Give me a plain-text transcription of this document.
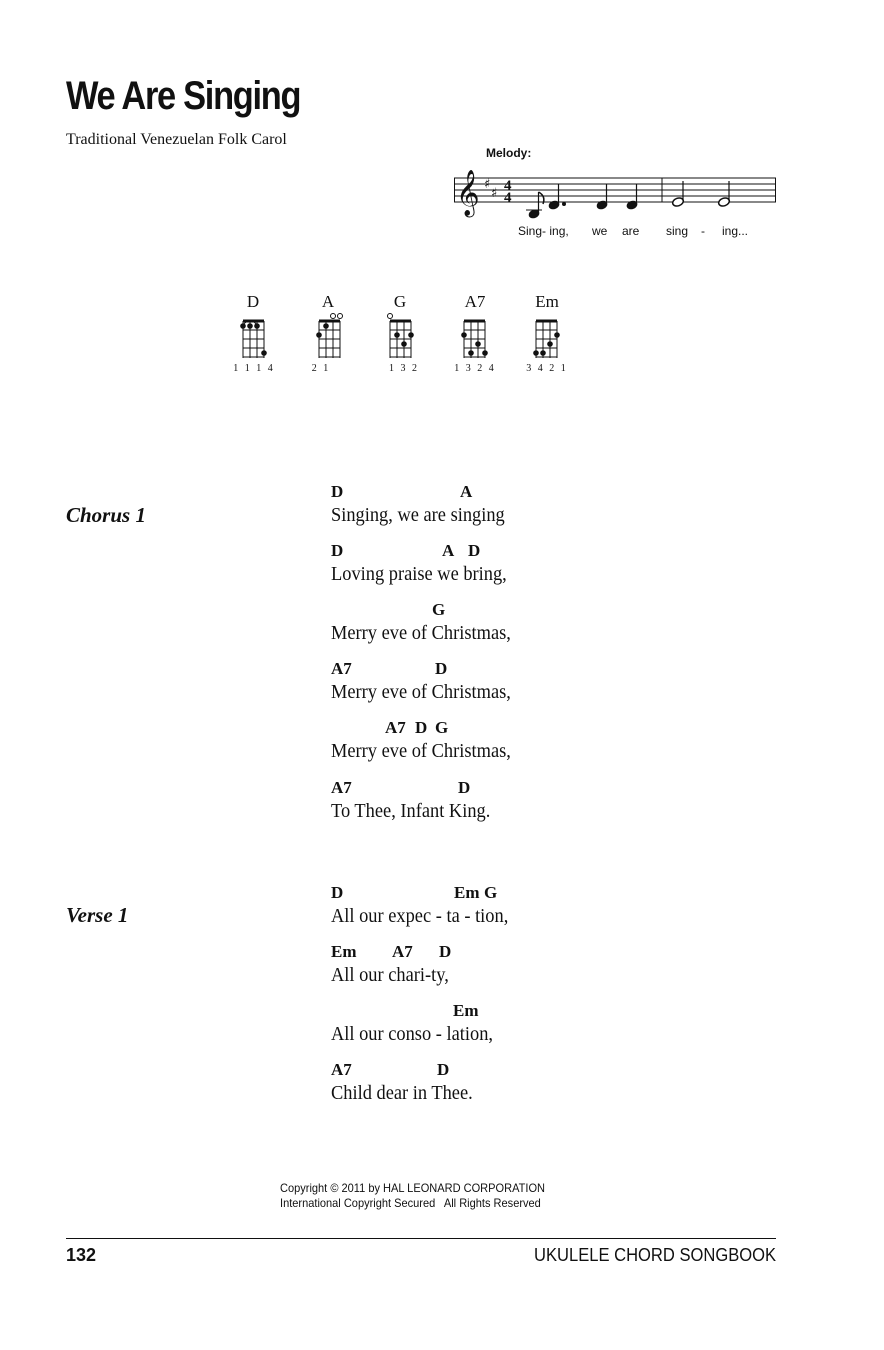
We Are Singing
Traditional Venezuelan Folk Carol
Melody:
𝄞 ♯
♯ 4
4
Sing- ing, we are sing - ing...
D	A	G	A7	Em
1 1 1 4	2 1	1 3 2	1 3 2 4	3 4 2 1
Chorus 1

D

	A

Singing, we are singing

D

	A

D

Loving praise we bring,

G

Merry eve of Christmas,

A7

	D

Merry eve of Christmas,

A7

D

G

Merry eve of Christmas,

A7

	D

To Thee, Infant King.
Verse 1

D

	Em

G

All our expec - ta - tion,

Em

A7

D

All our chari-ty,

Em

All our conso - lation,

A7

	D

Child dear in Thee.
Copyright © 2011 by HAL LEONARD CORPORATION
International Copyright Secured   All Rights Reserved
132	UKULELE CHORD SONGBOOK
